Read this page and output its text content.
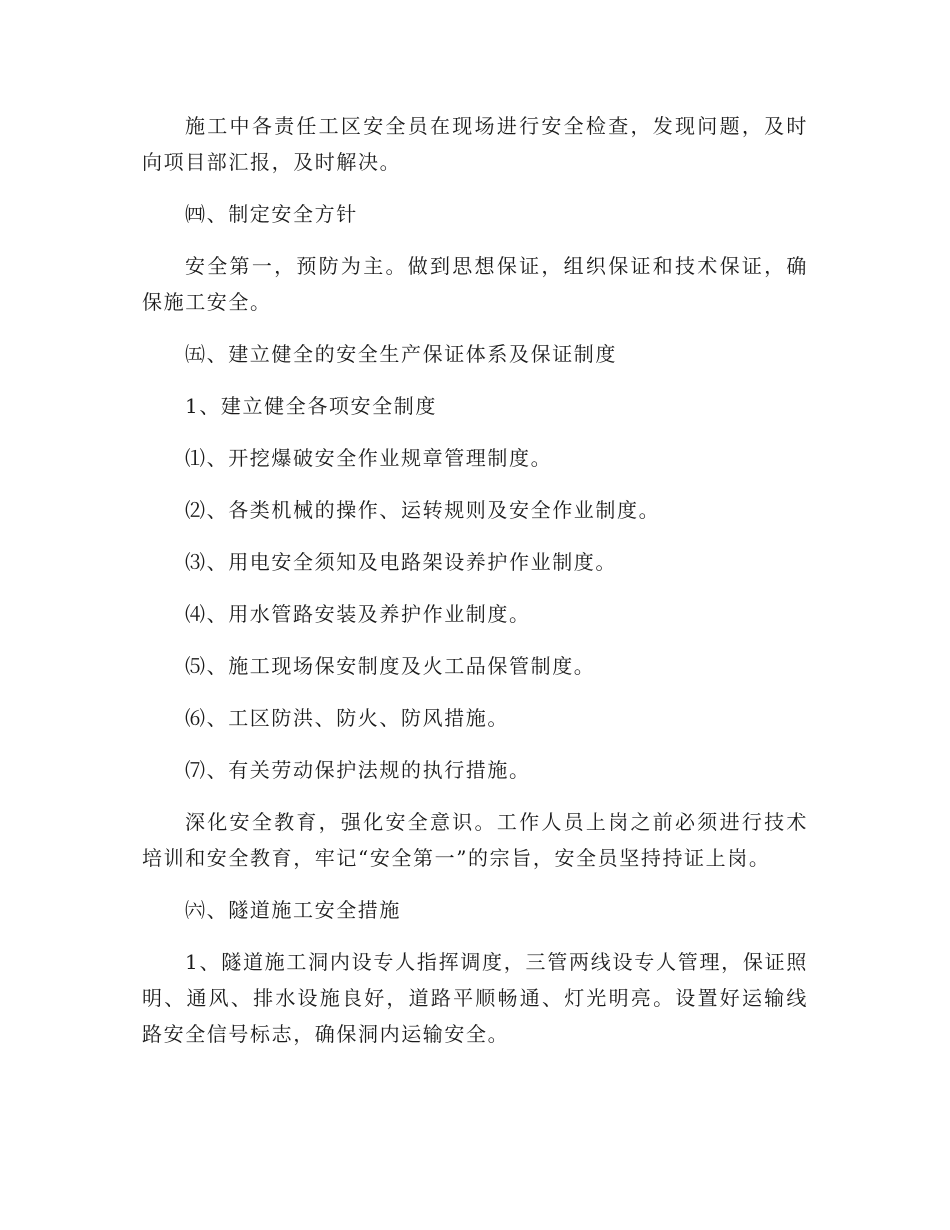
施工中各责任工区安全员在现场进行安全检查，发现问题，及时向项目部汇报，及时解决。

㈣、制定安全方针

安全第一，预防为主。做到思想保证，组织保证和技术保证，确保施工安全。

㈤、建立健全的安全生产保证体系及保证制度

1、建立健全各项安全制度

⑴、开挖爆破安全作业规章管理制度。

⑵、各类机械的操作、运转规则及安全作业制度。

⑶、用电安全须知及电路架设养护作业制度。

⑷、用水管路安装及养护作业制度。

⑸、施工现场保安制度及火工品保管制度。

⑹、工区防洪、防火、防风措施。

⑺、有关劳动保护法规的执行措施。

深化安全教育，强化安全意识。工作人员上岗之前必须进行技术培训和安全教育，牢记“安全第一”的宗旨，安全员坚持持证上岗。

㈥、隧道施工安全措施

1、隧道施工洞内设专人指挥调度，三管两线设专人管理，保证照明、通风、排水设施良好，道路平顺畅通、灯光明亮。设置好运输线路安全信号标志，确保洞内运输安全。
